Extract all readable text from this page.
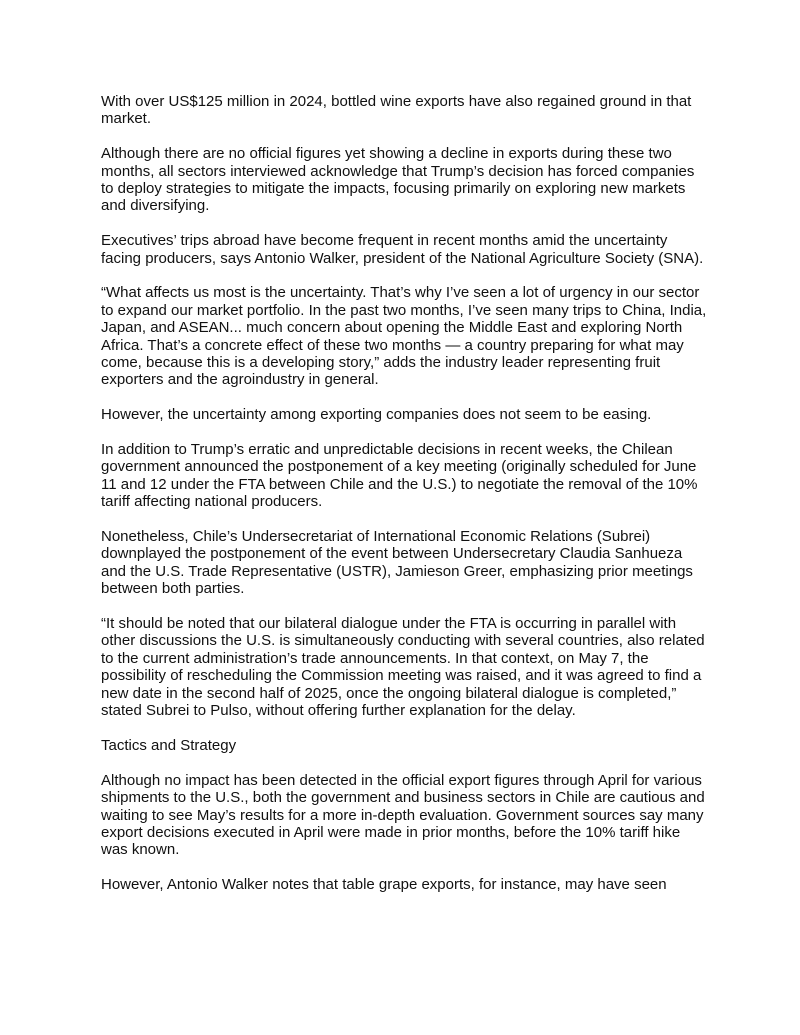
With over US$125 million in 2024, bottled wine exports have also regained ground in that market.

Although there are no official figures yet showing a decline in exports during these two months, all sectors interviewed acknowledge that Trump’s decision has forced companies to deploy strategies to mitigate the impacts, focusing primarily on exploring new markets and diversifying.

Executives’ trips abroad have become frequent in recent months amid the uncertainty facing producers, says Antonio Walker, president of the National Agriculture Society (SNA).

“What affects us most is the uncertainty. That’s why I’ve seen a lot of urgency in our sector to expand our market portfolio. In the past two months, I’ve seen many trips to China, India, Japan, and ASEAN... much concern about opening the Middle East and exploring North Africa. That’s a concrete effect of these two months — a country preparing for what may come, because this is a developing story,” adds the industry leader representing fruit exporters and the agroindustry in general.

However, the uncertainty among exporting companies does not seem to be easing.

In addition to Trump’s erratic and unpredictable decisions in recent weeks, the Chilean government announced the postponement of a key meeting (originally scheduled for June 11 and 12 under the FTA between Chile and the U.S.) to negotiate the removal of the 10% tariff affecting national producers.

Nonetheless, Chile’s Undersecretariat of International Economic Relations (Subrei) downplayed the postponement of the event between Undersecretary Claudia Sanhueza and the U.S. Trade Representative (USTR), Jamieson Greer, emphasizing prior meetings between both parties.

“It should be noted that our bilateral dialogue under the FTA is occurring in parallel with other discussions the U.S. is simultaneously conducting with several countries, also related to the current administration’s trade announcements. In that context, on May 7, the possibility of rescheduling the Commission meeting was raised, and it was agreed to find a new date in the second half of 2025, once the ongoing bilateral dialogue is completed,” stated Subrei to Pulso, without offering further explanation for the delay.

Tactics and Strategy

Although no impact has been detected in the official export figures through April for various shipments to the U.S., both the government and business sectors in Chile are cautious and waiting to see May’s results for a more in-depth evaluation. Government sources say many export decisions executed in April were made in prior months, before the 10% tariff hike was known.

However, Antonio Walker notes that table grape exports, for instance, may have seen
